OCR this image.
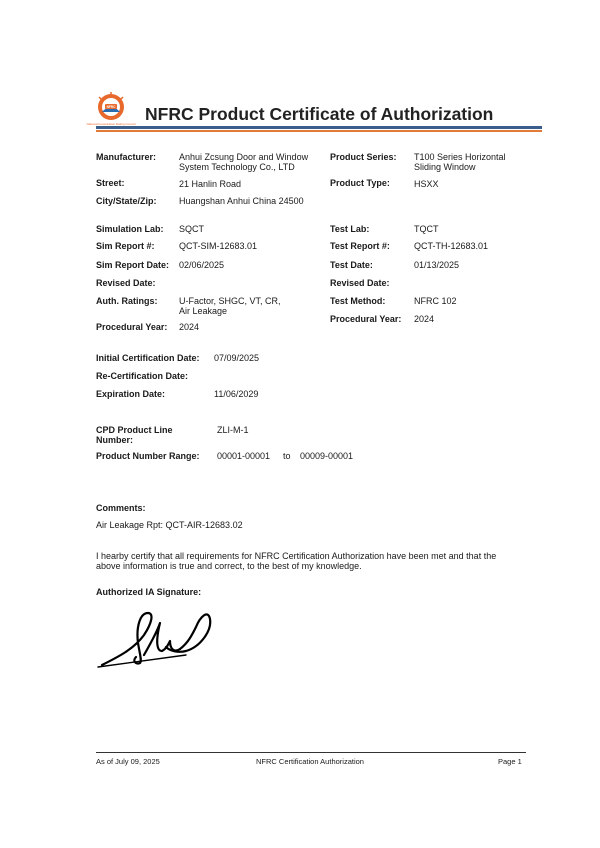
NFRC
National Fenestration Rating Council NFRC Product Certificate of Authorization
Manufacturer:	Anhui Zcsung Door and Window
System Technology Co., LTD
Street:	21 Hanlin Road
City/State/Zip: Huangshan Anhui China 24500
Product Series: T100 Series Horizontal
Sliding Window
Product Type:	HSXX
Simulation Lab: SQCT
Sim Report #:	QCT-SIM-12683.01
Sim Report Date: 02/06/2025
Revised Date:
Auth. Ratings: U-Factor, SHGC, VT, CR,
Air Leakage
Procedural Year: 2024
Test Lab:	TQCT
Test Report #:	QCT-TH-12683.01
Test Date:	01/13/2025
Revised Date:
Test Method:	NFRC 102
Procedural Year: 2024
Initial Certification Date: 07/09/2025
Re-Certification Date:
Expiration Date:	11/06/2029
CPD Product Line
Number:
ZLI-M-1
Product Number Range: 00001-00001 to 00009-00001
Comments:
Air Leakage Rpt: QCT-AIR-12683.02
I hearby certify that all requirements for NFRC Certification Authorization have been met and that the
above information is true and correct, to the best of my knowledge.
Authorized IA Signature:
As of July 09, 2025	NFRC Certification Authorization	Page 1
